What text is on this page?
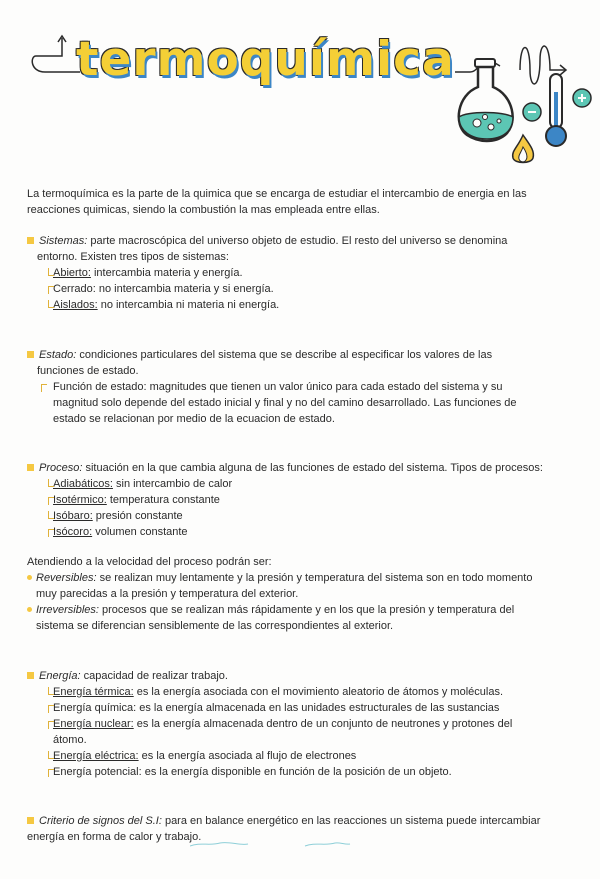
termoquímica

La termoquímica es la parte de la quimica que se encarga de estudiar el intercambio de energia en las reacciones quimicas, siendo la combustión la mas empleada entre ellas.

Sistemas: parte macroscópica del universo objeto de estudio. El resto del universo se denomina

entorno. Existen tres tipos de sistemas:

Abierto: intercambia materia y energía.

Cerrado: no intercambia materia y si energía.

Aislados: no intercambia ni materia ni energía.

Estado: condiciones particulares del sistema que se describe al especificar los valores de las

funciones de estado.

Función de estado: magnitudes que tienen un valor único para cada estado del sistema y su

magnitud solo depende del estado inicial y final y no del camino desarrollado. Las funciones de

estado se relacionan por medio de la ecuacion de estado.

Proceso: situación en la que cambia alguna de las funciones de estado del sistema. Tipos de procesos:

Adiabáticos: sin intercambio de calor

Isotérmico: temperatura constante

Isóbaro: presión constante

Isócoro: volumen constante

Atendiendo a la velocidad del proceso podrán ser:

Reversibles: se realizan muy lentamente y la presión y temperatura del sistema son en todo momento

muy parecidas a la presión y temperatura del exterior.

Irreversibles: procesos que se realizan más rápidamente y en los que la presión y temperatura del

sistema se diferencian sensiblemente de las correspondientes al exterior.

Energía: capacidad de realizar trabajo.

Energía térmica: es la energía asociada con el movimiento aleatorio de átomos y moléculas.

Energía química: es la energía almacenada en las unidades estructurales de las sustancias

Energía nuclear: es la energía almacenada dentro de un conjunto de neutrones y protones del

átomo.

Energía eléctrica: es la energía asociada al flujo de electrones

Energía potencial: es la energía disponible en función de la posición de un objeto.

Criterio de signos del S.I: para en balance energético en las reacciones un sistema puede intercambiar

energía en forma de calor y trabajo.
